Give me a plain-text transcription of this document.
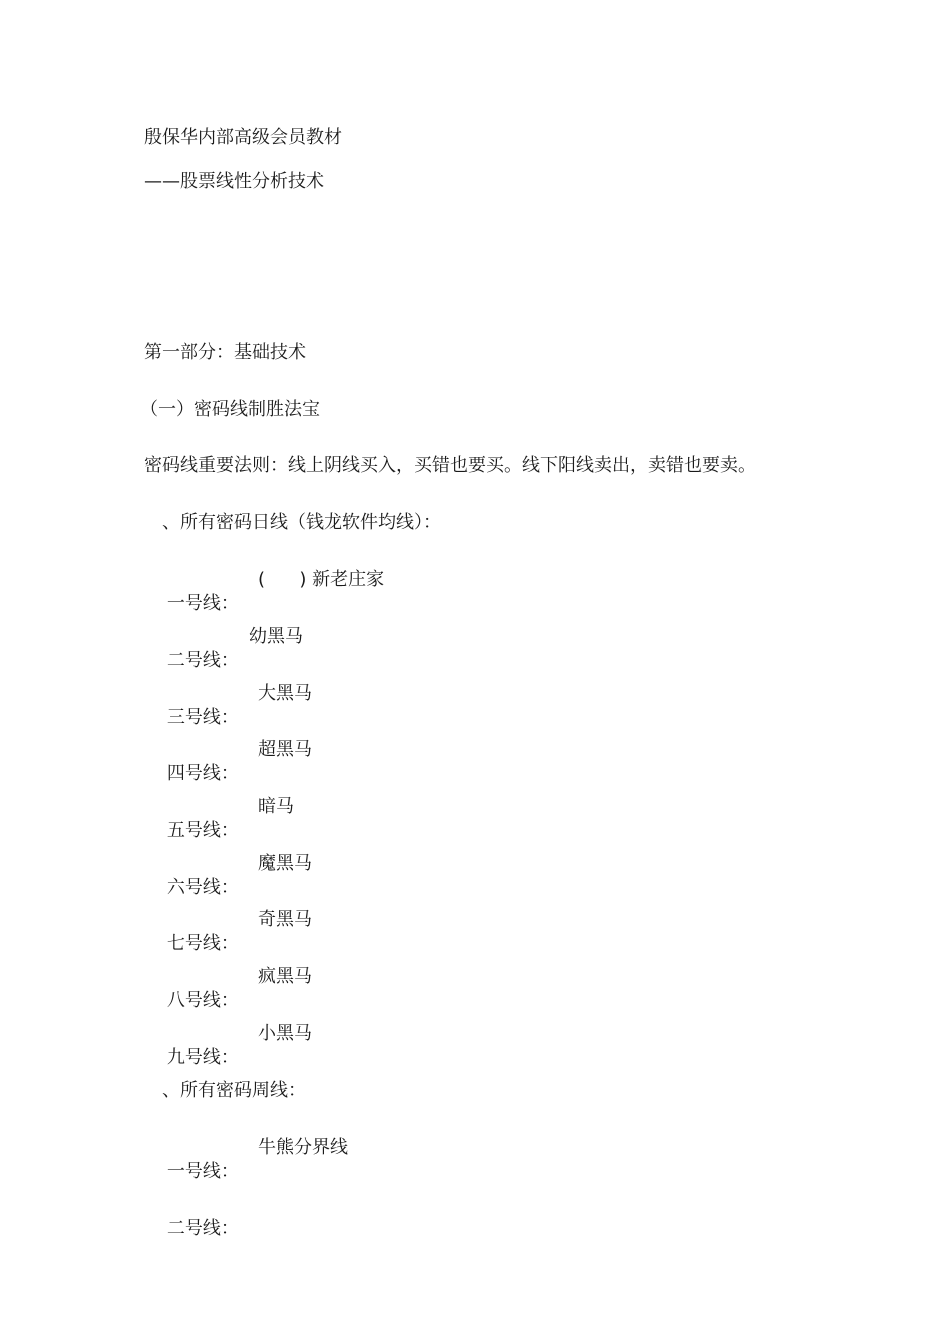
殷保华内部高级会员教材
——股票线性分析技术
第一部分：基础技术
（一）密码线制胜法宝
密码线重要法则：线上阴线买入，买错也要买。线下阳线卖出，卖错也要卖。
、所有密码日线（钱龙软件均线）：

一号线：

(      ) 新老庄家

二号线：

幼黑马

三号线：

大黑马

四号线：

超黑马

五号线：

暗马

六号线：

魔黑马

七号线：

奇黑马

八号线：

疯黑马

九号线：

小黑马

、所有密码周线：

一号线：

牛熊分界线

二号线：
